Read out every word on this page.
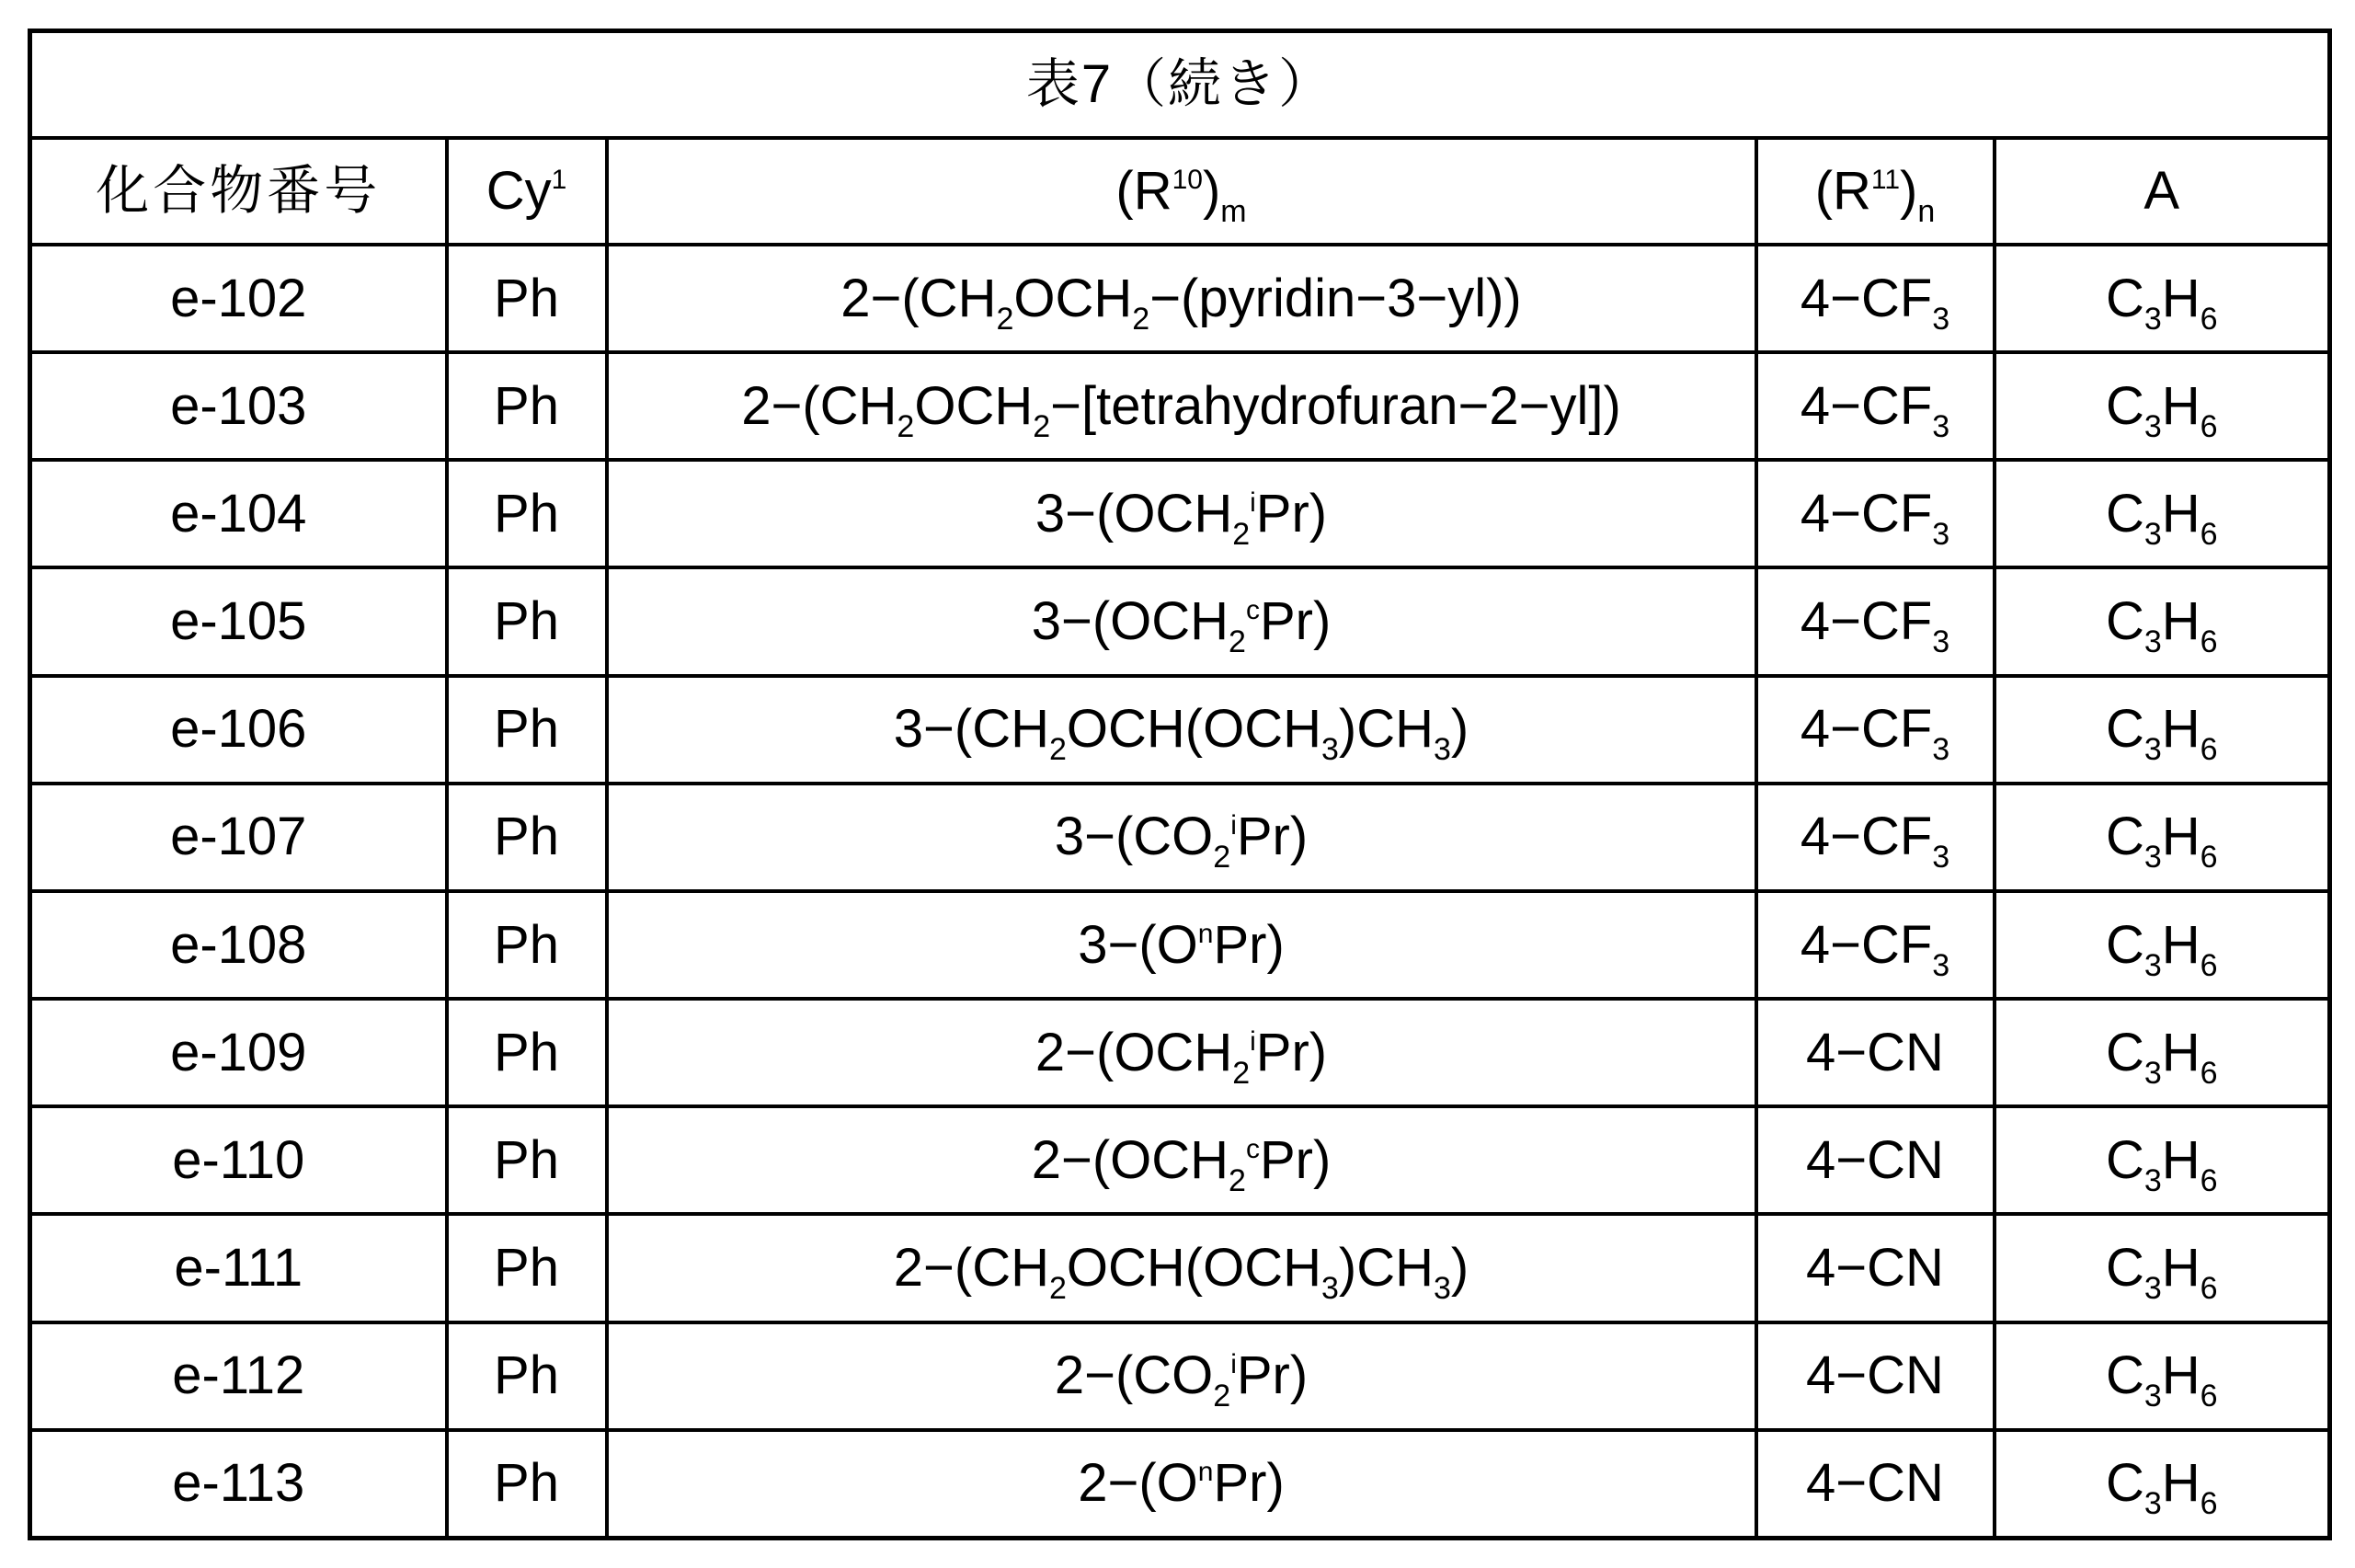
表7（続き）				
化合物番号	Cy$^1$	$(R^{10})_m$	$(R^{11})_n$	A
e-102	Ph	$2-(CH_2OCH_2-(pyridin-3-yl))$	$4-CF_3$	$C_3H_6$
e-103	Ph	$2-(CH_2OCH_2-[tetrahydrofuran-2-yl])$	$4-CF_3$	$C_3H_6$
e-104	Ph	$3-(OCH_2^iPr)$	$4-CF_3$	$C_3H_6$
e-105	Ph	$3-(OCH_2^cPr)$	$4-CF_3$	$C_3H_6$
e-106	Ph	$3-(CH_2OCH(OCH_3)CH_3)$	$4-CF_3$	$C_3H_6$
e-107	Ph	$3-(CO_2^iPr)$	$4-CF_3$	$C_3H_6$
e-108	Ph	$3-(O^nPr)$	$4-CF_3$	$C_3H_6$
e-109	Ph	$2-(OCH_2^iPr)$	4−CN	$C_3H_6$
e-110	Ph	$2-(OCH_2^cPr)$	4−CN	$C_3H_6$
e-111	Ph	$2-(CH_2OCH(OCH_3)CH_3)$	4−CN	$C_3H_6$
e-112	Ph	$2-(CO_2^iPr)$	4−CN	$C_3H_6$
e-113	Ph	$2-(O^nPr)$	4−CN	$C_3H_6$
